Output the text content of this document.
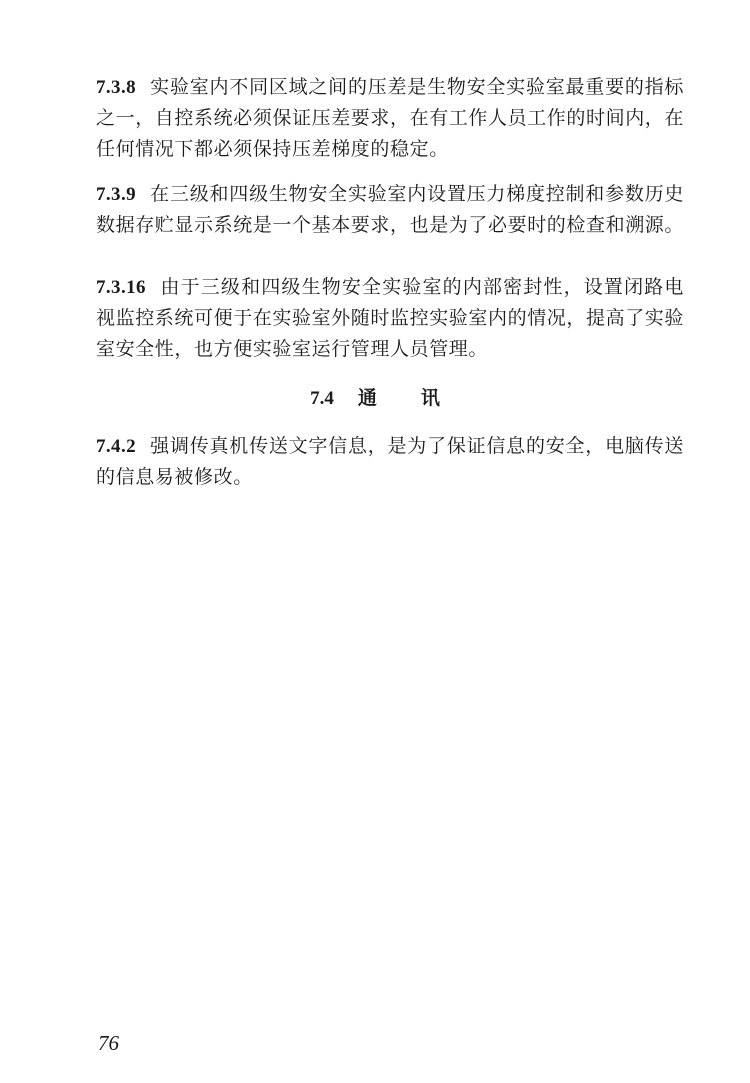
7.3.8 实验室内不同区域之间的压差是生物安全实验室最重要的指标之一，自控系统必须保证压差要求，在有工作人员工作的时间内，在任何情况下都必须保持压差梯度的稳定。

7.3.9 在三级和四级生物安全实验室内设置压力梯度控制和参数历史数据存贮显示系统是一个基本要求，也是为了必要时的检查和溯源。

7.3.16 由于三级和四级生物安全实验室的内部密封性，设置闭路电视监控系统可便于在实验室外随时监控实验室内的情况，提高了实验室安全性，也方便实验室运行管理人员管理。

7.4 通讯

7.4.2 强调传真机传送文字信息，是为了保证信息的安全，电脑传送的信息易被修改。

76
